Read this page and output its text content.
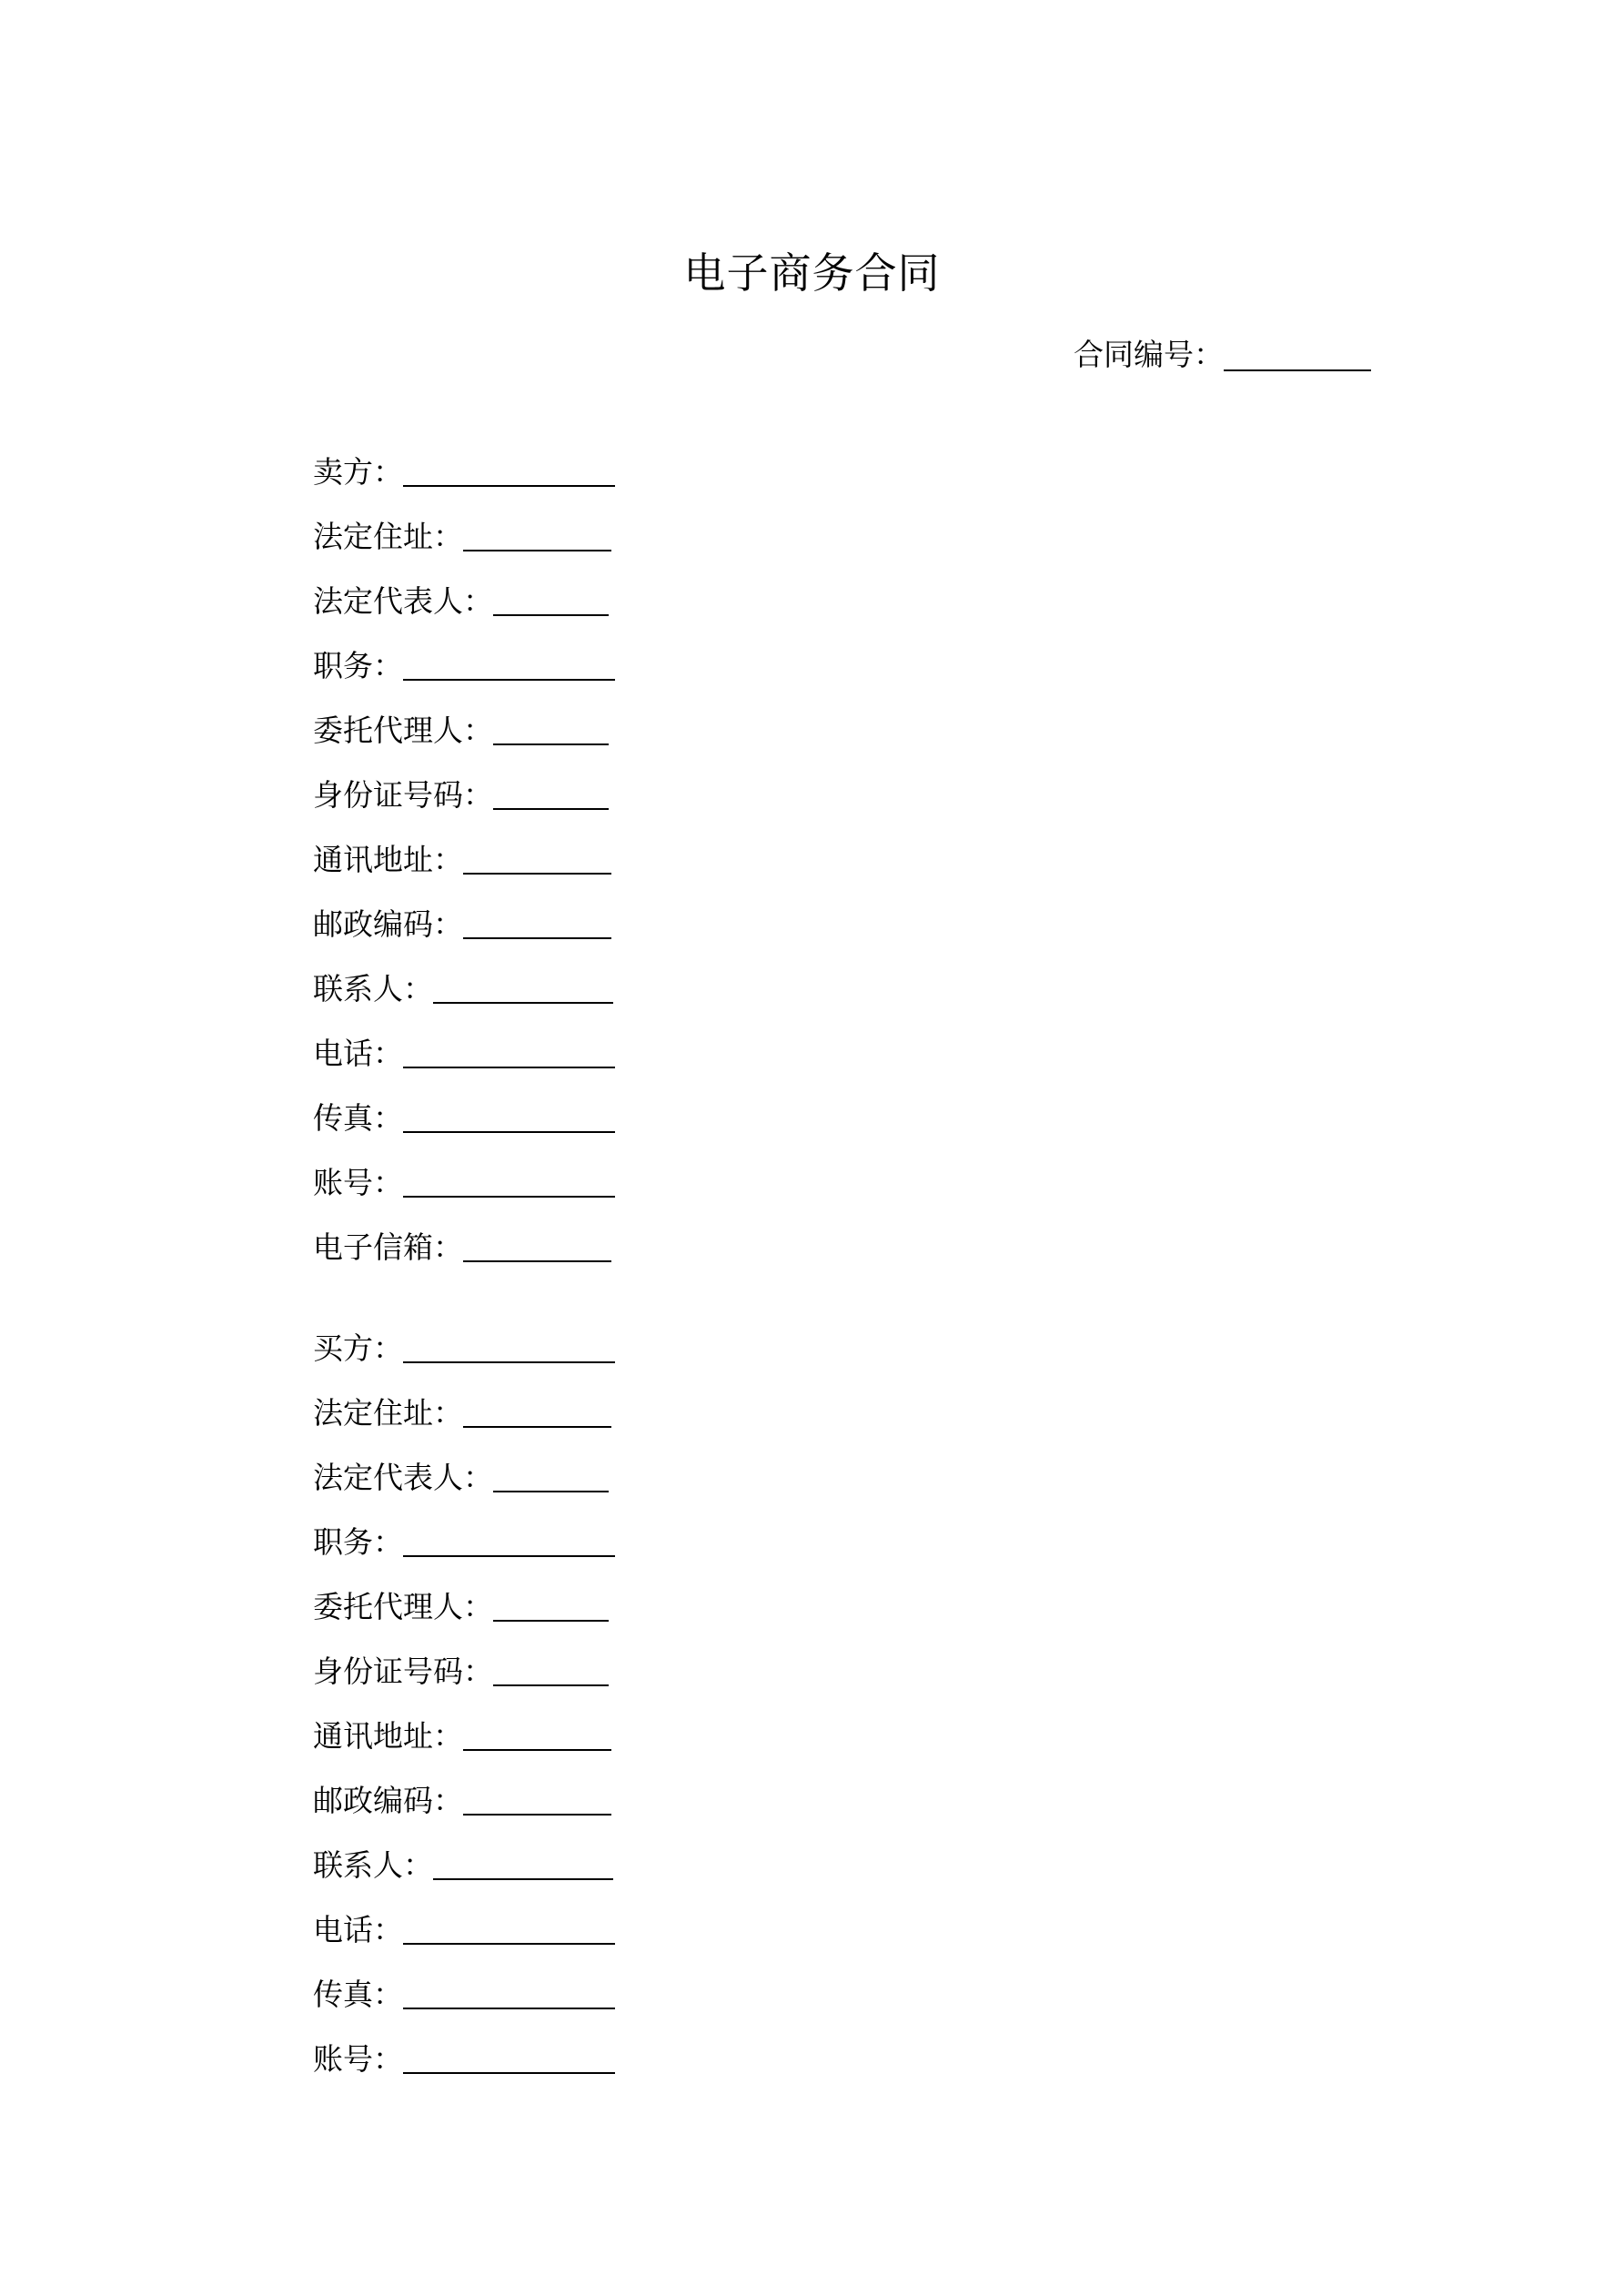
电子商务合同
合同编号：
卖方：
法定住址：
法定代表人：
职务：
委托代理人：
身份证号码：
通讯地址：
邮政编码：
联系人：
电话：
传真：
账号：
电子信箱：
买方：
法定住址：
法定代表人：
职务：
委托代理人：
身份证号码：
通讯地址：
邮政编码：
联系人：
电话：
传真：
账号：
